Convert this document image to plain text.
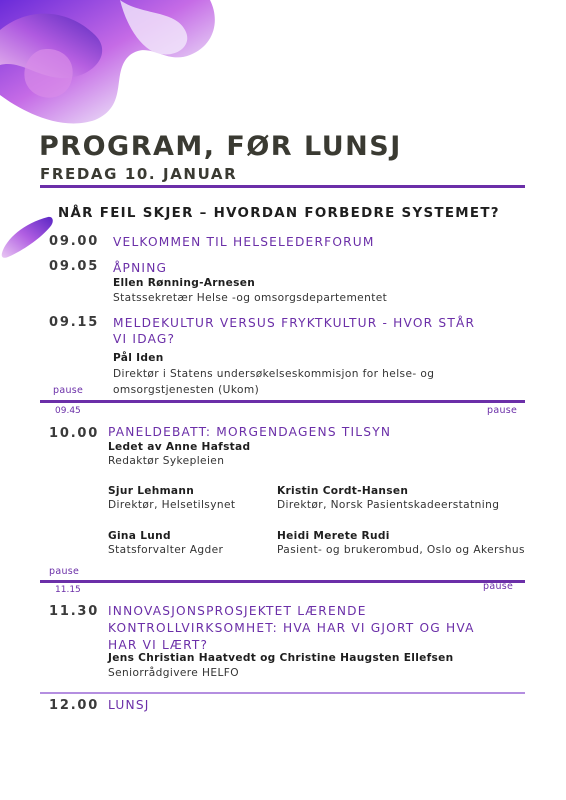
PROGRAM, FØR LUNSJ
FREDAG 10. JANUAR
NÅR FEIL SKJER – HVORDAN FORBEDRE SYSTEMET?
09.00 VELKOMMEN TIL HELSELEDERFORUM
09.05 ÅPNING
Ellen Rønning-Arnesen
Statssekretær Helse -og omsorgsdepartementet
09.15 MELDEKULTUR VERSUS FRYKTKULTUR - HVOR STÅR
VI IDAG?
Pål Iden
Direktør i Statens undersøkelseskommisjon for helse- og
omsorgstjenesten (Ukom)
pause
09.45	pause
10.00 PANELDEBATT: MORGENDAGENS TILSYN
Ledet av Anne Hafstad
Redaktør Sykepleien
Sjur Lehmann
Direktør, Helsetilsynet
Kristin Cordt-Hansen
Direktør, Norsk Pasientskadeerstatning
Gina Lund
Statsforvalter Agder
Heidi Merete Rudi
Pasient- og brukerombud, Oslo og Akershus
pause
11.15	pause
11.30 INNOVASJONSPROSJEKTET LÆRENDE
KONTROLLVIRKSOMHET: HVA HAR VI GJORT OG HVA
HAR VI LÆRT?
Jens Christian Haatvedt og Christine Haugsten Ellefsen
Seniorrådgivere HELFO
12.00 LUNSJ
